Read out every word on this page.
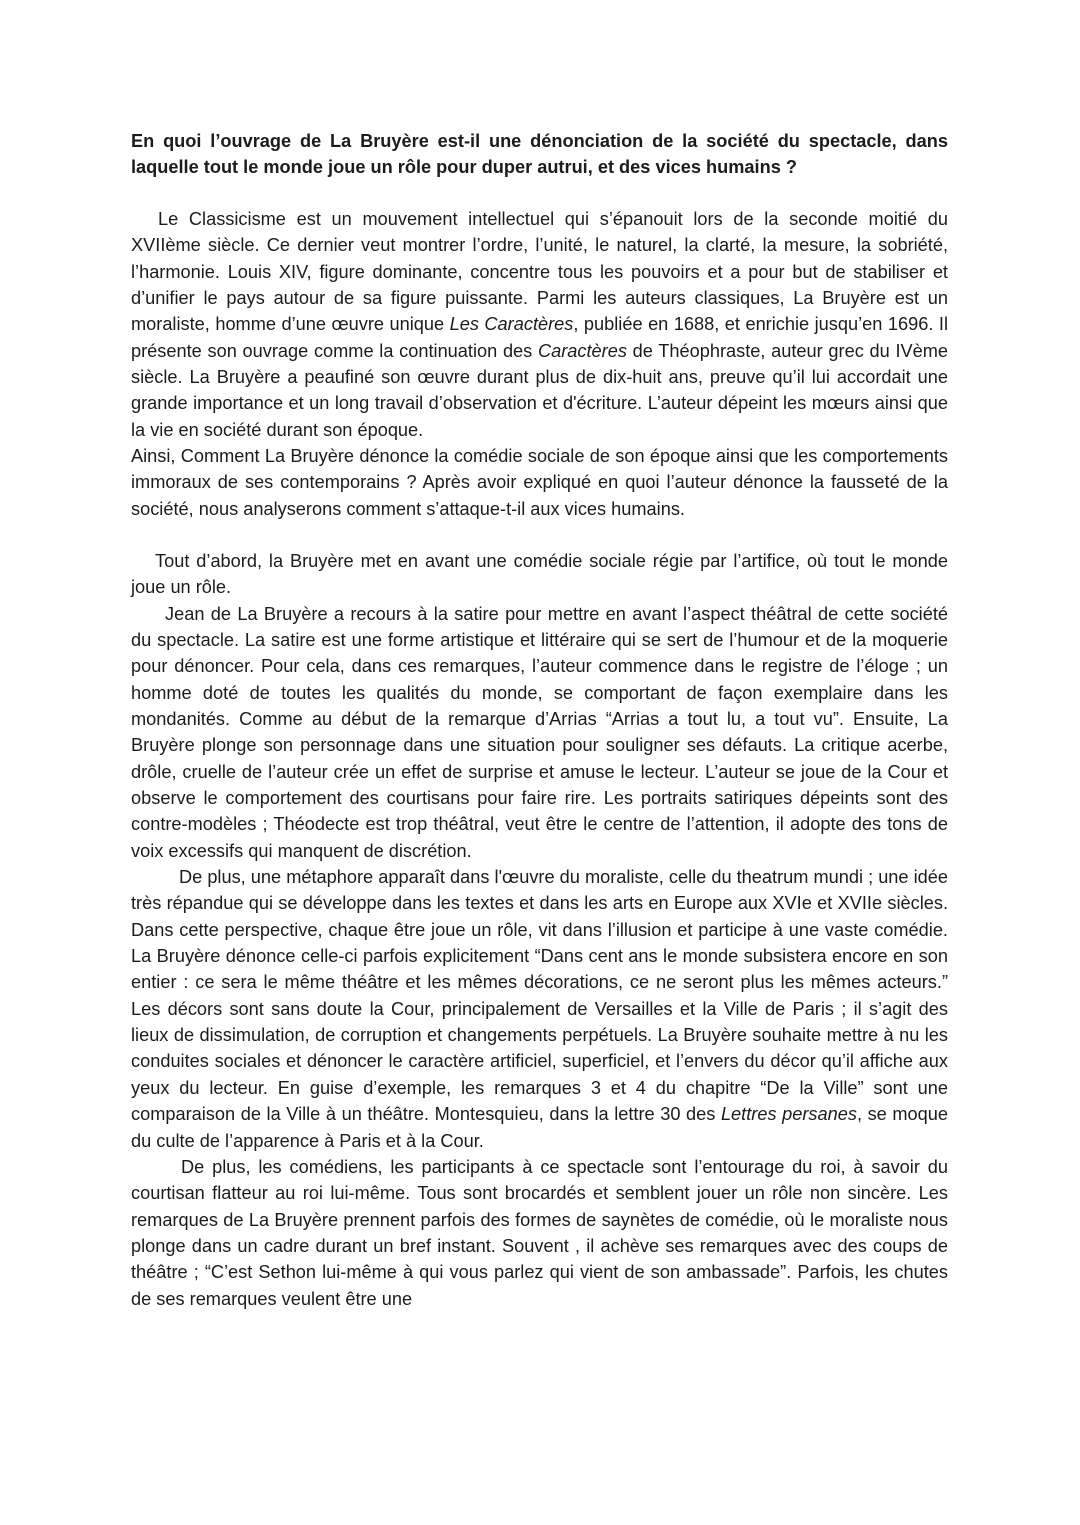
En quoi l’ouvrage de La Bruyère est-il une dénonciation de la société du spectacle, dans laquelle tout le monde joue un rôle pour duper autrui, et des vices humains ?

Le Classicisme est un mouvement intellectuel qui s’épanouit lors de la seconde moitié du XVIIème siècle. Ce dernier veut montrer l’ordre, l’unité, le naturel, la clarté, la mesure, la sobriété, l’harmonie. Louis XIV, figure dominante, concentre tous les pouvoirs et a pour but de stabiliser et d’unifier le pays autour de sa figure puissante. Parmi les auteurs classiques, La Bruyère est un moraliste, homme d’une œuvre unique Les Caractères, publiée en 1688, et enrichie jusqu’en 1696. Il présente son ouvrage comme la continuation des Caractères de Théophraste, auteur grec du IVème siècle. La Bruyère a peaufiné son œuvre durant plus de dix-huit ans, preuve qu’il lui accordait une grande importance et un long travail d’observation et d'écriture. L’auteur dépeint les mœurs ainsi que la vie en société durant son époque.

Ainsi, Comment La Bruyère dénonce la comédie sociale de son époque ainsi que les comportements immoraux de ses contemporains ? Après avoir expliqué en quoi l’auteur dénonce la fausseté de la société, nous analyserons comment s’attaque-t-il aux vices humains.

Tout d’abord, la Bruyère met en avant une comédie sociale régie par l’artifice, où tout le monde joue un rôle.

Jean de La Bruyère a recours à la satire pour mettre en avant l’aspect théâtral de cette société du spectacle. La satire est une forme artistique et littéraire qui se sert de l’humour et de la moquerie pour dénoncer. Pour cela, dans ces remarques, l’auteur commence dans le registre de l’éloge ; un homme doté de toutes les qualités du monde, se comportant de façon exemplaire dans les mondanités. Comme au début de la remarque d’Arrias “Arrias a tout lu, a tout vu”. Ensuite, La Bruyère plonge son personnage dans une situation pour souligner ses défauts. La critique acerbe, drôle, cruelle de l’auteur crée un effet de surprise et amuse le lecteur. L’auteur se joue de la Cour et observe le comportement des courtisans pour faire rire. Les portraits satiriques dépeints sont des contre-modèles ; Théodecte est trop théâtral, veut être le centre de l’attention, il adopte des tons de voix excessifs qui manquent de discrétion.

De plus, une métaphore apparaît dans l'œuvre du moraliste, celle du theatrum mundi ; une idée très répandue qui se développe dans les textes et dans les arts en Europe aux XVIe et XVIIe siècles. Dans cette perspective, chaque être joue un rôle, vit dans l’illusion et participe à une vaste comédie. La Bruyère dénonce celle-ci parfois explicitement “Dans cent ans le monde subsistera encore en son entier : ce sera le même théâtre et les mêmes décorations, ce ne seront plus les mêmes acteurs.” Les décors sont sans doute la Cour, principalement de Versailles et la Ville de Paris ; il s’agit des lieux de dissimulation, de corruption et changements perpétuels. La Bruyère souhaite mettre à nu les conduites sociales et dénoncer le caractère artificiel, superficiel, et l’envers du décor qu’il affiche aux yeux du lecteur. En guise d’exemple, les remarques 3 et 4 du chapitre “De la Ville” sont une comparaison de la Ville à un théâtre. Montesquieu, dans la lettre 30 des Lettres persanes, se moque du culte de l’apparence à Paris et à la Cour.

De plus, les comédiens, les participants à ce spectacle sont l’entourage du roi, à savoir du courtisan flatteur au roi lui-même. Tous sont brocardés et semblent jouer un rôle non sincère. Les remarques de La Bruyère prennent parfois des formes de saynètes de comédie, où le moraliste nous plonge dans un cadre durant un bref instant. Souvent , il achève ses remarques avec des coups de théâtre ; “C’est Sethon lui-même à qui vous parlez qui vient de son ambassade”. Parfois, les chutes de ses remarques veulent être une
